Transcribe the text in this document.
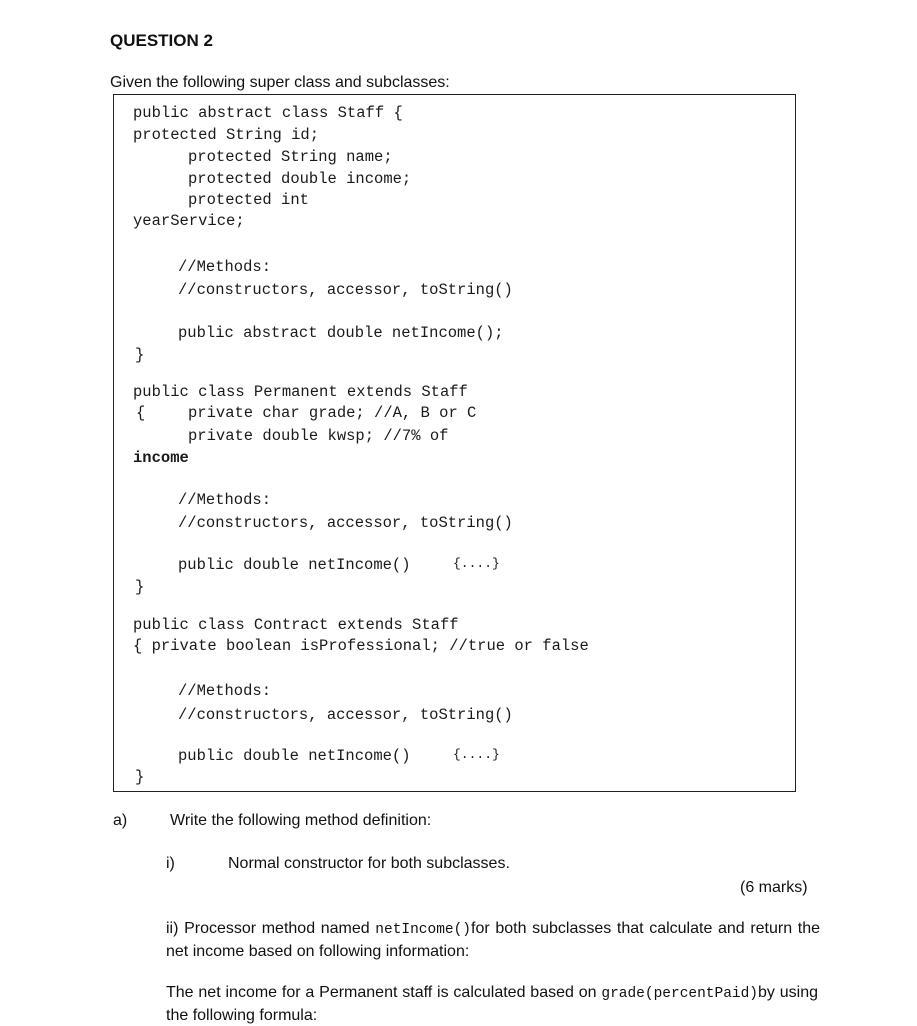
QUESTION 2
Given the following super class and subclasses:
public abstract class Staff {
protected String id;
protected String name;
protected double income;
protected int
yearService;
//Methods:
//constructors, accessor, toString()
public abstract double netIncome();
}
public class Permanent extends Staff
{	private char grade; //A, B or C
private double kwsp; //7% of
income
//Methods:
//constructors, accessor, toString()
public double netIncome()	{....}
}
public class Contract extends Staff
{ private boolean isProfessional; //true or false
//Methods:
//constructors, accessor, toString()
public double netIncome()	{....}
}
a)	Write the following method definition:
i)	Normal constructor for both subclasses.
(6 marks)
ii) Processor method named netIncome()for both subclasses that calculate and return the net income based on following information:
The net income for a Permanent staff is calculated based on grade(percentPaid)by using the following formula:
